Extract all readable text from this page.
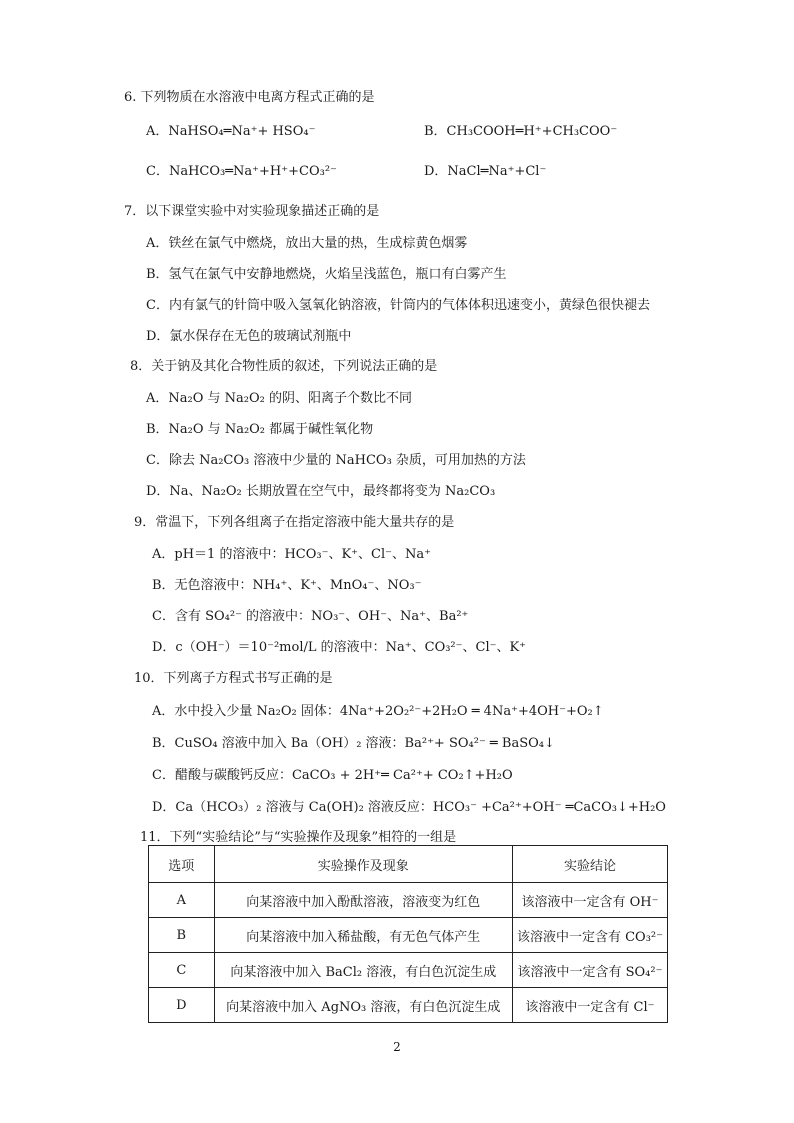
6. 下列物质在水溶液中电离方程式正确的是
A．NaHSO₄═Na⁺+ HSO₄⁻	B．CH₃COOH═H⁺+CH₃COO⁻
C．NaHCO₃═Na⁺+H⁺+CO₃²⁻	D．NaCl═Na⁺+Cl⁻
7．以下课堂实验中对实验现象描述正确的是
A．铁丝在氯气中燃烧，放出大量的热，生成棕黄色烟雾
B．氢气在氯气中安静地燃烧，火焰呈浅蓝色，瓶口有白雾产生
C．内有氯气的针筒中吸入氢氧化钠溶液，针筒内的气体体积迅速变小，黄绿色很快褪去
D．氯水保存在无色的玻璃试剂瓶中
8．关于钠及其化合物性质的叙述，下列说法正确的是
A．Na₂O 与 Na₂O₂ 的阴、阳离子个数比不同
B．Na₂O 与 Na₂O₂ 都属于碱性氧化物
C．除去 Na₂CO₃ 溶液中少量的 NaHCO₃ 杂质，可用加热的方法
D．Na、Na₂O₂ 长期放置在空气中，最终都将变为 Na₂CO₃
9．常温下，下列各组离子在指定溶液中能大量共存的是
A．pH＝1 的溶液中：HCO₃⁻、K⁺、Cl⁻、Na⁺
B．无色溶液中：NH₄⁺、K⁺、MnO₄⁻、NO₃⁻
C．含有 SO₄²⁻ 的溶液中：NO₃⁻、OH⁻、Na⁺、Ba²⁺
D．c（OH⁻）＝10⁻²mol/L 的溶液中：Na⁺、CO₃²⁻、Cl⁻、K⁺
10．下列离子方程式书写正确的是
A．水中投入少量 Na₂O₂ 固体：4Na⁺+2O₂²⁻+2H₂O ═ 4Na⁺+4OH⁻+O₂↑
B．CuSO₄ 溶液中加入 Ba（OH）₂ 溶液：Ba²⁺+ SO₄²⁻ ═ BaSO₄↓
C．醋酸与碳酸钙反应：CaCO₃ + 2H⁺═ Ca²⁺+ CO₂↑+H₂O
D．Ca（HCO₃）₂ 溶液与 Ca(OH)₂ 溶液反应：HCO₃⁻ +Ca²⁺+OH⁻ ═CaCO₃↓+H₂O
11．下列“实验结论”与“实验操作及现象”相符的一组是
选项	实验操作及现象	实验结论
A	向某溶液中加入酚酞溶液，溶液变为红色	该溶液中一定含有 OH⁻
B	向某溶液中加入稀盐酸，有无色气体产生	该溶液中一定含有 CO₃²⁻
C	向某溶液中加入 BaCl₂ 溶液，有白色沉淀生成	该溶液中一定含有 SO₄²⁻
D	向某溶液中加入 AgNO₃ 溶液，有白色沉淀生成	该溶液中一定含有 Cl⁻
2
